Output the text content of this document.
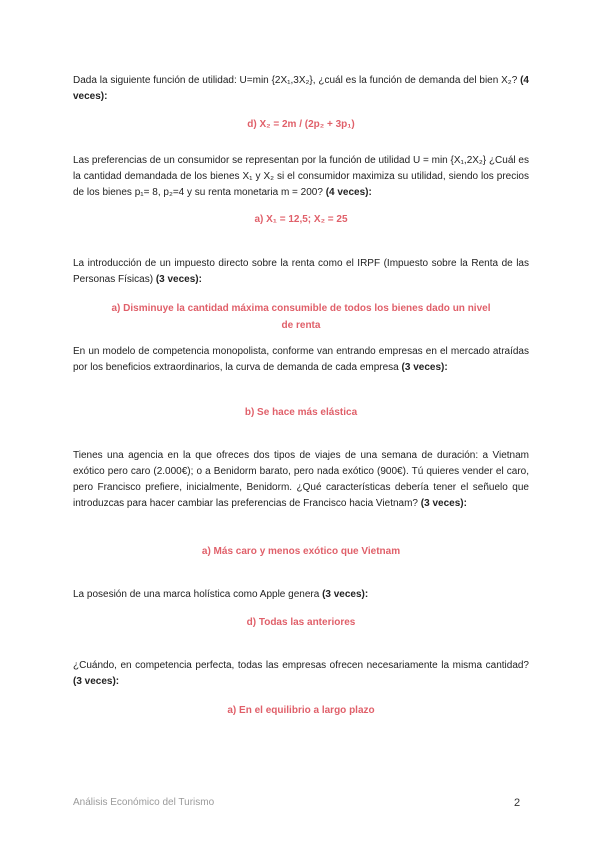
Dada la siguiente función de utilidad: U=min {2X₁,3X₂}, ¿cuál es la función de demanda del bien X₂? (4 veces):

d) X₂ = 2m / (2p₂ + 3p₁)

Las preferencias de un consumidor se representan por la función de utilidad U = min {X₁,2X₂} ¿Cuál es la cantidad demandada de los bienes X₁ y X₂ si el consumidor maximiza su utilidad, siendo los precios de los bienes p₁= 8, p₂=4 y su renta monetaria m = 200? (4 veces):

a) X₁ = 12,5; X₂ = 25

La introducción de un impuesto directo sobre la renta como el IRPF (Impuesto sobre la Renta de las Personas Físicas) (3 veces):

a) Disminuye la cantidad máxima consumible de todos los bienes dado un nivel
de renta

En un modelo de competencia monopolista, conforme van entrando empresas en el mercado atraídas por los beneficios extraordinarios, la curva de demanda de cada empresa (3 veces):

b) Se hace más elástica

Tienes una agencia en la que ofreces dos tipos de viajes de una semana de duración: a Vietnam exótico pero caro (2.000€); o a Benidorm barato, pero nada exótico (900€). Tú quieres vender el caro, pero Francisco prefiere, inicialmente, Benidorm. ¿Qué características debería tener el señuelo que introduzcas para hacer cambiar las preferencias de Francisco hacia Vietnam? (3 veces):

a) Más caro y menos exótico que Vietnam

La posesión de una marca holística como Apple genera (3 veces):

d) Todas las anteriores

¿Cuándo, en competencia perfecta, todas las empresas ofrecen necesariamente la misma cantidad? (3 veces):

a) En el equilibrio a largo plazo

Análisis Económico del Turismo	2
